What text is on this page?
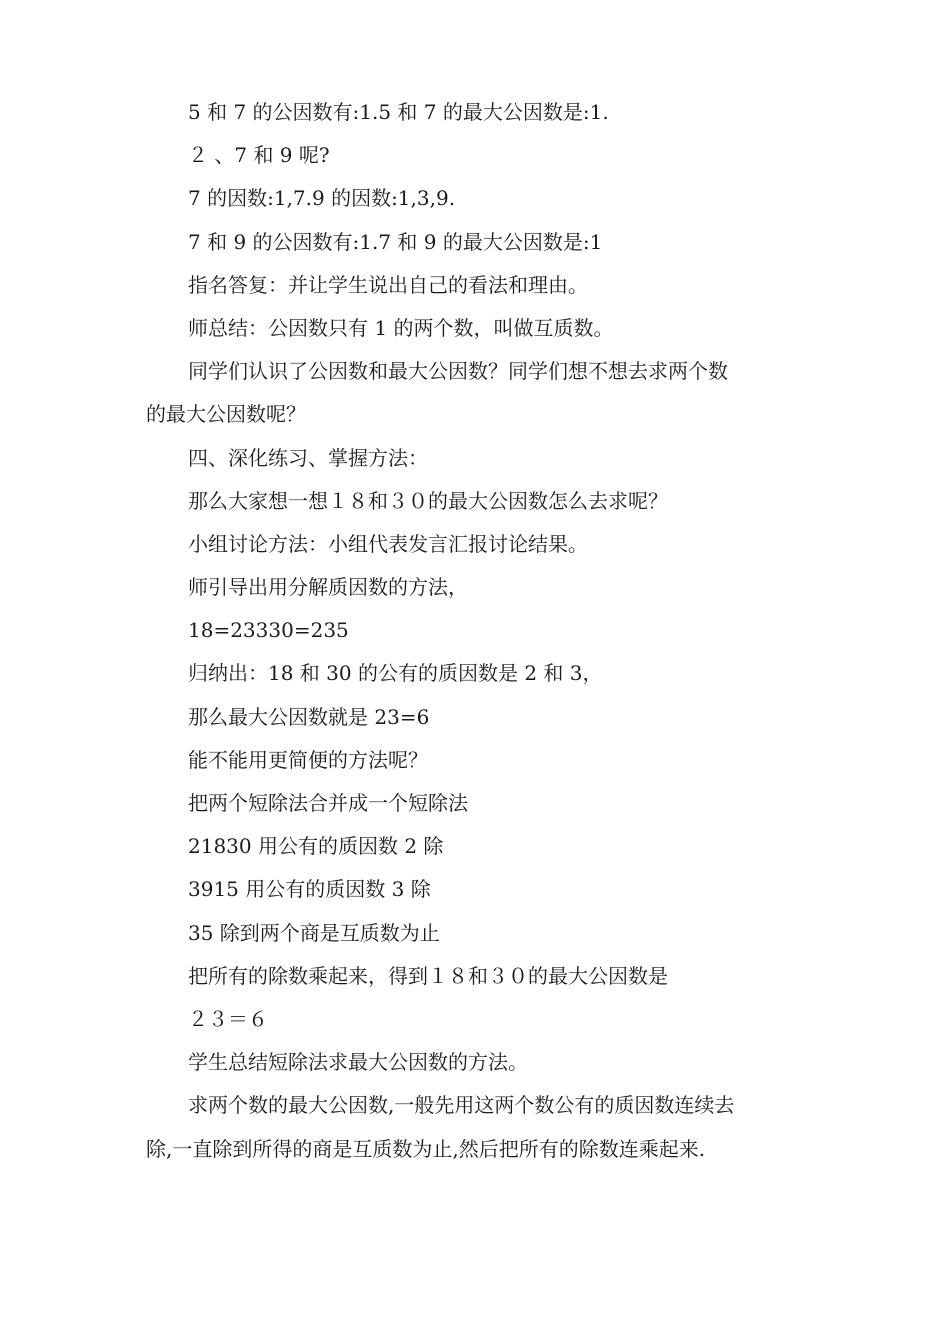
5 和 7 的公因数有:1.5 和 7 的最大公因数是:1.

２ 、7 和 9 呢?

7 的因数:1,7.9 的因数:1,3,9.

7 和 9 的公因数有:1.7 和 9 的最大公因数是:1

指名答复：并让学生说出自己的看法和理由。

师总结：公因数只有 1 的两个数，叫做互质数。

同学们认识了公因数和最大公因数？同学们想不想去求两个数

的最大公因数呢？

四、深化练习、掌握方法：

那么大家想一想１８和３０的最大公因数怎么去求呢？

小组讨论方法：小组代表发言汇报讨论结果。

师引导出用分解质因数的方法，

18=23330=235

归纳出：18 和 30 的公有的质因数是 2 和 3，

那么最大公因数就是 23=6

能不能用更简便的方法呢？

把两个短除法合并成一个短除法

21830 用公有的质因数 2 除

3915 用公有的质因数 3 除

35 除到两个商是互质数为止

把所有的除数乘起来，得到１８和３０的最大公因数是

２３＝６

学生总结短除法求最大公因数的方法。

求两个数的最大公因数,一般先用这两个数公有的质因数连续去

除,一直除到所得的商是互质数为止,然后把所有的除数连乘起来.
